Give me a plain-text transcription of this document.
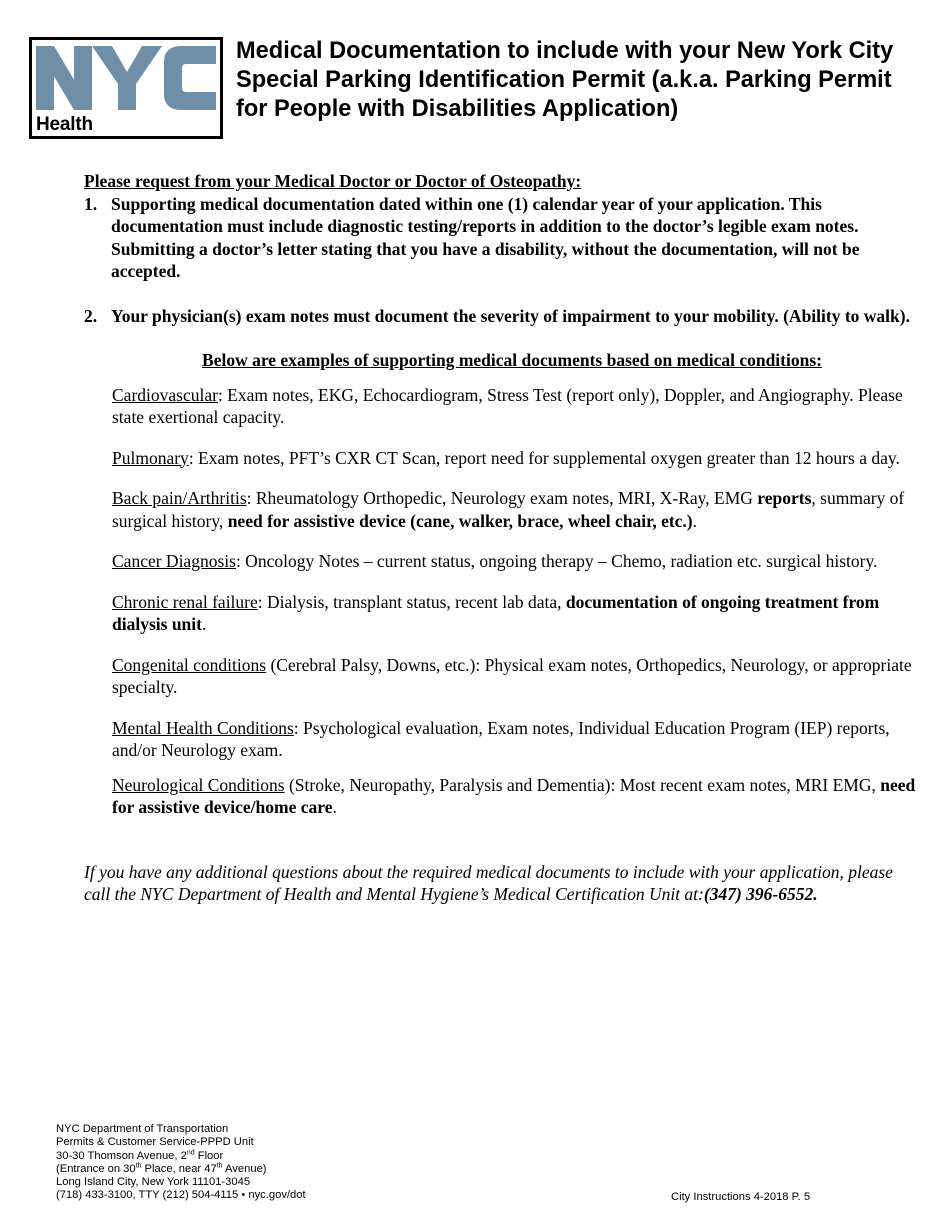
Health
Medical Documentation to include with your New York City Special Parking Identification Permit (a.k.a. Parking Permit for People with Disabilities Application)
Please request from your Medical Doctor or Doctor of Osteopathy:
1. Supporting medical documentation dated within one (1) calendar year of your application. This documentation must include diagnostic testing/reports in addition to the doctor’s legible exam notes. Submitting a doctor’s letter stating that you have a disability, without the documentation, will not be accepted.
2. Your physician(s) exam notes must document the severity of impairment to your mobility. (Ability to walk).
Below are examples of supporting medical documents based on medical conditions:
Cardiovascular: Exam notes, EKG, Echocardiogram, Stress Test (report only), Doppler, and Angiography. Please state exertional capacity.
Pulmonary: Exam notes, PFT’s CXR CT Scan, report need for supplemental oxygen greater than 12 hours a day.
Back pain/Arthritis: Rheumatology Orthopedic, Neurology exam notes, MRI, X-Ray, EMG reports, summary of surgical history, need for assistive device (cane, walker, brace, wheel chair, etc.).
Cancer Diagnosis: Oncology Notes – current status, ongoing therapy – Chemo, radiation etc. surgical history.
Chronic renal failure: Dialysis, transplant status, recent lab data, documentation of ongoing treatment from dialysis unit.
Congenital conditions (Cerebral Palsy, Downs, etc.): Physical exam notes, Orthopedics, Neurology, or appropriate specialty.
Mental Health Conditions: Psychological evaluation, Exam notes, Individual Education Program (IEP) reports, and/or Neurology exam.
Neurological Conditions (Stroke, Neuropathy, Paralysis and Dementia): Most recent exam notes, MRI EMG, need for assistive device/home care.
If you have any additional questions about the required medical documents to include with your application, please call the NYC Department of Health and Mental Hygiene’s Medical Certification Unit at:(347) 396-6552.
NYC Department of Transportation
Permits & Customer Service-PPPD Unit
30-30 Thomson Avenue, 2nd Floor
(Entrance on 30th Place, near 47th Avenue)
Long Island City, New York 11101-3045
(718) 433-3100, TTY (212) 504-4115 • nyc.gov/dot	City Instructions 4-2018 P. 5
